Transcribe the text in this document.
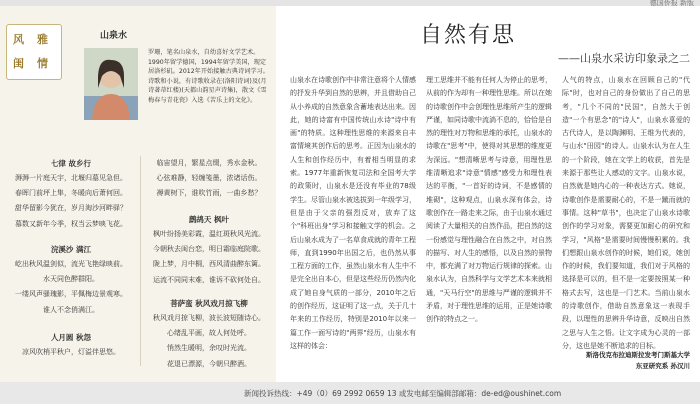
德国侨报 新版
风 雅
闺 情
山泉水
罗珊，笔名山泉水，自幼喜好文学艺术。1990年留学德国，1994年留学美国，现定居洛杉矶。2012年开始接触古典诗词学习。诗歌和小说，有诗歌收录在(洛阳诗词)及(月诗著蒂红楼)(天都山韵星声诗集)，散文《雪梅春与青花瓷》入选《苦乐上的文化》。
七律 故乡行
溽溽一片庭天宇，北堰归墓见急但。
春晖门前坪上隼，冬暖向后萧何回。
甜华留影今犹在，岁月淘沙河畔驿？
慕数又新年今季，权当云梦映飞花。
浣溪沙 满江
屹出秋风温剑似，流光飞艳绿映前。
水天同色醉群阳。
一缕风声骚瑰影，平佩梅边景观寒。
谁人不念俏满江。
人月圆 秋怨
凉风吹梢平秋户，灯溢伴思悠。
临宙望月，繁星点缀，秀水金秋。
心弦难静，轻缠笺墨，浓诸话伤。
褥黄树下，谁吹竹雨，一曲乡愁？
鹧鸪天 枫叶
枫叶纷扬美彩霞，温红斑秋风光流。
今朝秋去闺台恋，明日霜临庭院歌。
陇上梦，月中桐，西风清曲醉东篱。
运流不同同末难，谁诉不砍何处自。
菩萨蛮 秋风戏月掠飞柳
秋风戏月掠飞柳，波长波短随诗心。
心绪乱平画，故人何处呼。
悄然生暖明，余叹时光流。
花退已漂源，今朝只醉酒。
自然有思
——山泉水采访印象录之二
山泉水在诗歌创作中非常注意将个人情感的抒发升华到自然的思辨，并且借助自己从小养成的自然意象含蓄地表达出来。因此，她的诗富有中国传统山水诗"诗中有画"的特质。这种理性思维的来源来自丰富情境其创作后的思考。正因为山泉水的人生和创作经历中，有着相当明显的求索。1977年重新恢复司法和全国考大学的政策时，山泉水是还没有毕业的78级学生。尽管山泉水被选拔到一年级学习，但是由于父亲的强烈反对，放弃了这个"科班出身"学习和接触文学的机会。之后山泉水成为了一名草食成就的青年工程师，直到1990年出国之后，也仍然从事工程方面的工作，虽然山泉水有人生中不是完全出自本心，但是这些经历仍然内化成了她自身气质的一部分，2010年之后的创作经历，这证明了这一点，关于几十年来的工作经历，特别是2010年以来一篇工作一面写诗的"两界"经历，山泉水有这样的体会：
理工思维并不能有任何人为停止的思考，从前的作为却有一种理性思维。所以在她的诗歌创作中会创理性思维所产生的逻辑严谨，如同诗歌中流淌不息的，恰恰是自然的理性对万物和思维的承托，山泉水的诗歌在"思考"中，使得对其思想的维度更为深远。"想清晰思考与诗意，用理性思维清晰追求"诗意"情感"感受力和理性表达的平衡，"一首好的诗词，不是感情的堆砌"，这种观点，山泉水深有体会，诗歌创作在一路走来之际，由于山泉水通过阅读了大量相关的自然作品，把自然的这一份感觉与理性融合在自然之中，对自然的描写、对人生的感悟，以及自然的景物中，都充满了对万物运行规律的探索。山泉水认为，自然科学与文学艺术本来就相通，"天马行空"的思维与严谨的逻辑并不矛盾，对于理性思维的运用，正是她诗歌创作的特点之一。
人气的特点，山泉水在回顾自己的"代际"时，也对自己的身份做出了自己的思考，"几个不同的"民国"，自然大于创造"一个有思念"的"诗人"，山泉水喜爱的古代诗人，是以陶渊明、王维为代表的，与山水"田园"的诗人。山泉水认为在人生的一个阶段，她在文学上的收获，首先是来源于那些让人感动的文字。山泉水说，自然就是她内心的一种表达方式。她说，诗歌创作是需要耐心的，不是一蹴而就的事情。这种"草书"，也决定了山泉水诗歌创作的学习对象，需要更加耐心的研究和学习，"风格"是需要时间慢慢积累的。我们想跟山泉水创作的时候，她们说，她创作的时候，我们要知道，我们对于风格的选择是可以的，但不是一定要按照某一种格式去写，这也是一门艺术。当前山泉水的诗歌创作，借助自然意象这一表现手段，以理性的思辨升华诗意，反映出自然之思与人生之悟。让文字成为心灵的一部分，这也是她不断追求的目标。
斯洛伐克布拉迪斯拉发考门斯基大学
东亚研究系 孙汉川
新闻投诉热线：+49（0）69 2992 0659 13 或发电邮至编辑部邮箱：de-ed@oushinet.com
